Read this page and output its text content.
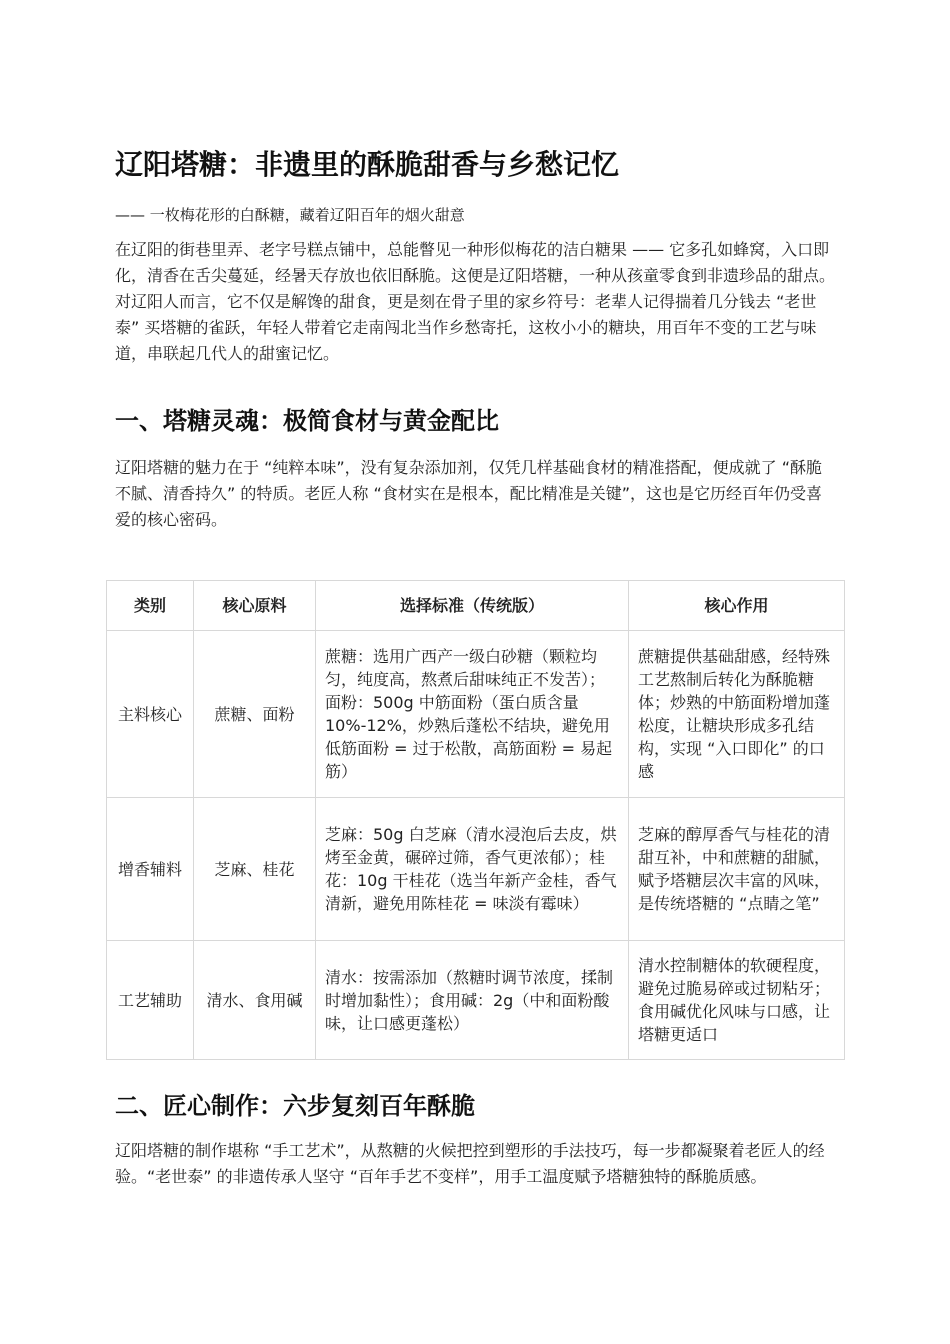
辽阳塔糖：非遗里的酥脆甜香与乡愁记忆

—— 一枚梅花形的白酥糖，藏着辽阳百年的烟火甜意

在辽阳的街巷里弄、老字号糕点铺中，总能瞥见一种形似梅花的洁白糖果 —— 它多孔如蜂窝，入口即化，清香在舌尖蔓延，经暑天存放也依旧酥脆。这便是辽阳塔糖，一种从孩童零食到非遗珍品的甜点。对辽阳人而言，它不仅是解馋的甜食，更是刻在骨子里的家乡符号：老辈人记得揣着几分钱去 “老世泰” 买塔糖的雀跃，年轻人带着它走南闯北当作乡愁寄托，这枚小小的糖块，用百年不变的工艺与味道，串联起几代人的甜蜜记忆。

一、塔糖灵魂：极简食材与黄金配比

辽阳塔糖的魅力在于 “纯粹本味”，没有复杂添加剂，仅凭几样基础食材的精准搭配，便成就了 “酥脆不腻、清香持久” 的特质。老匠人称 “食材实在是根本，配比精准是关键”，这也是它历经百年仍受喜爱的核心密码。

类别	核心原料	选择标准（传统版）	核心作用
主料核心	蔗糖、面粉	蔗糖：选用广西产一级白砂糖（颗粒均匀，纯度高，熬煮后甜味纯正不发苦）；面粉：500g 中筋面粉（蛋白质含量 10%-12%，炒熟后蓬松不结块，避免用低筋面粉 = 过于松散，高筋面粉 = 易起筋）	蔗糖提供基础甜感，经特殊工艺熬制后转化为酥脆糖体；炒熟的中筋面粉增加蓬松度，让糖块形成多孔结构，实现 “入口即化” 的口感
增香辅料	芝麻、桂花	芝麻：50g 白芝麻（清水浸泡后去皮，烘烤至金黄，碾碎过筛，香气更浓郁）；桂花：10g 干桂花（选当年新产金桂，香气清新，避免用陈桂花 = 味淡有霉味）	芝麻的醇厚香气与桂花的清甜互补，中和蔗糖的甜腻，赋予塔糖层次丰富的风味，是传统塔糖的 “点睛之笔”
工艺辅助	清水、食用碱	清水：按需添加（熬糖时调节浓度，揉制时增加黏性）；食用碱：2g（中和面粉酸味，让口感更蓬松）	清水控制糖体的软硬程度，避免过脆易碎或过韧粘牙；食用碱优化风味与口感，让塔糖更适口
二、匠心制作：六步复刻百年酥脆

辽阳塔糖的制作堪称 “手工艺术”，从熬糖的火候把控到塑形的手法技巧，每一步都凝聚着老匠人的经验。“老世泰” 的非遗传承人坚守 “百年手艺不变样”，用手工温度赋予塔糖独特的酥脆质感。
